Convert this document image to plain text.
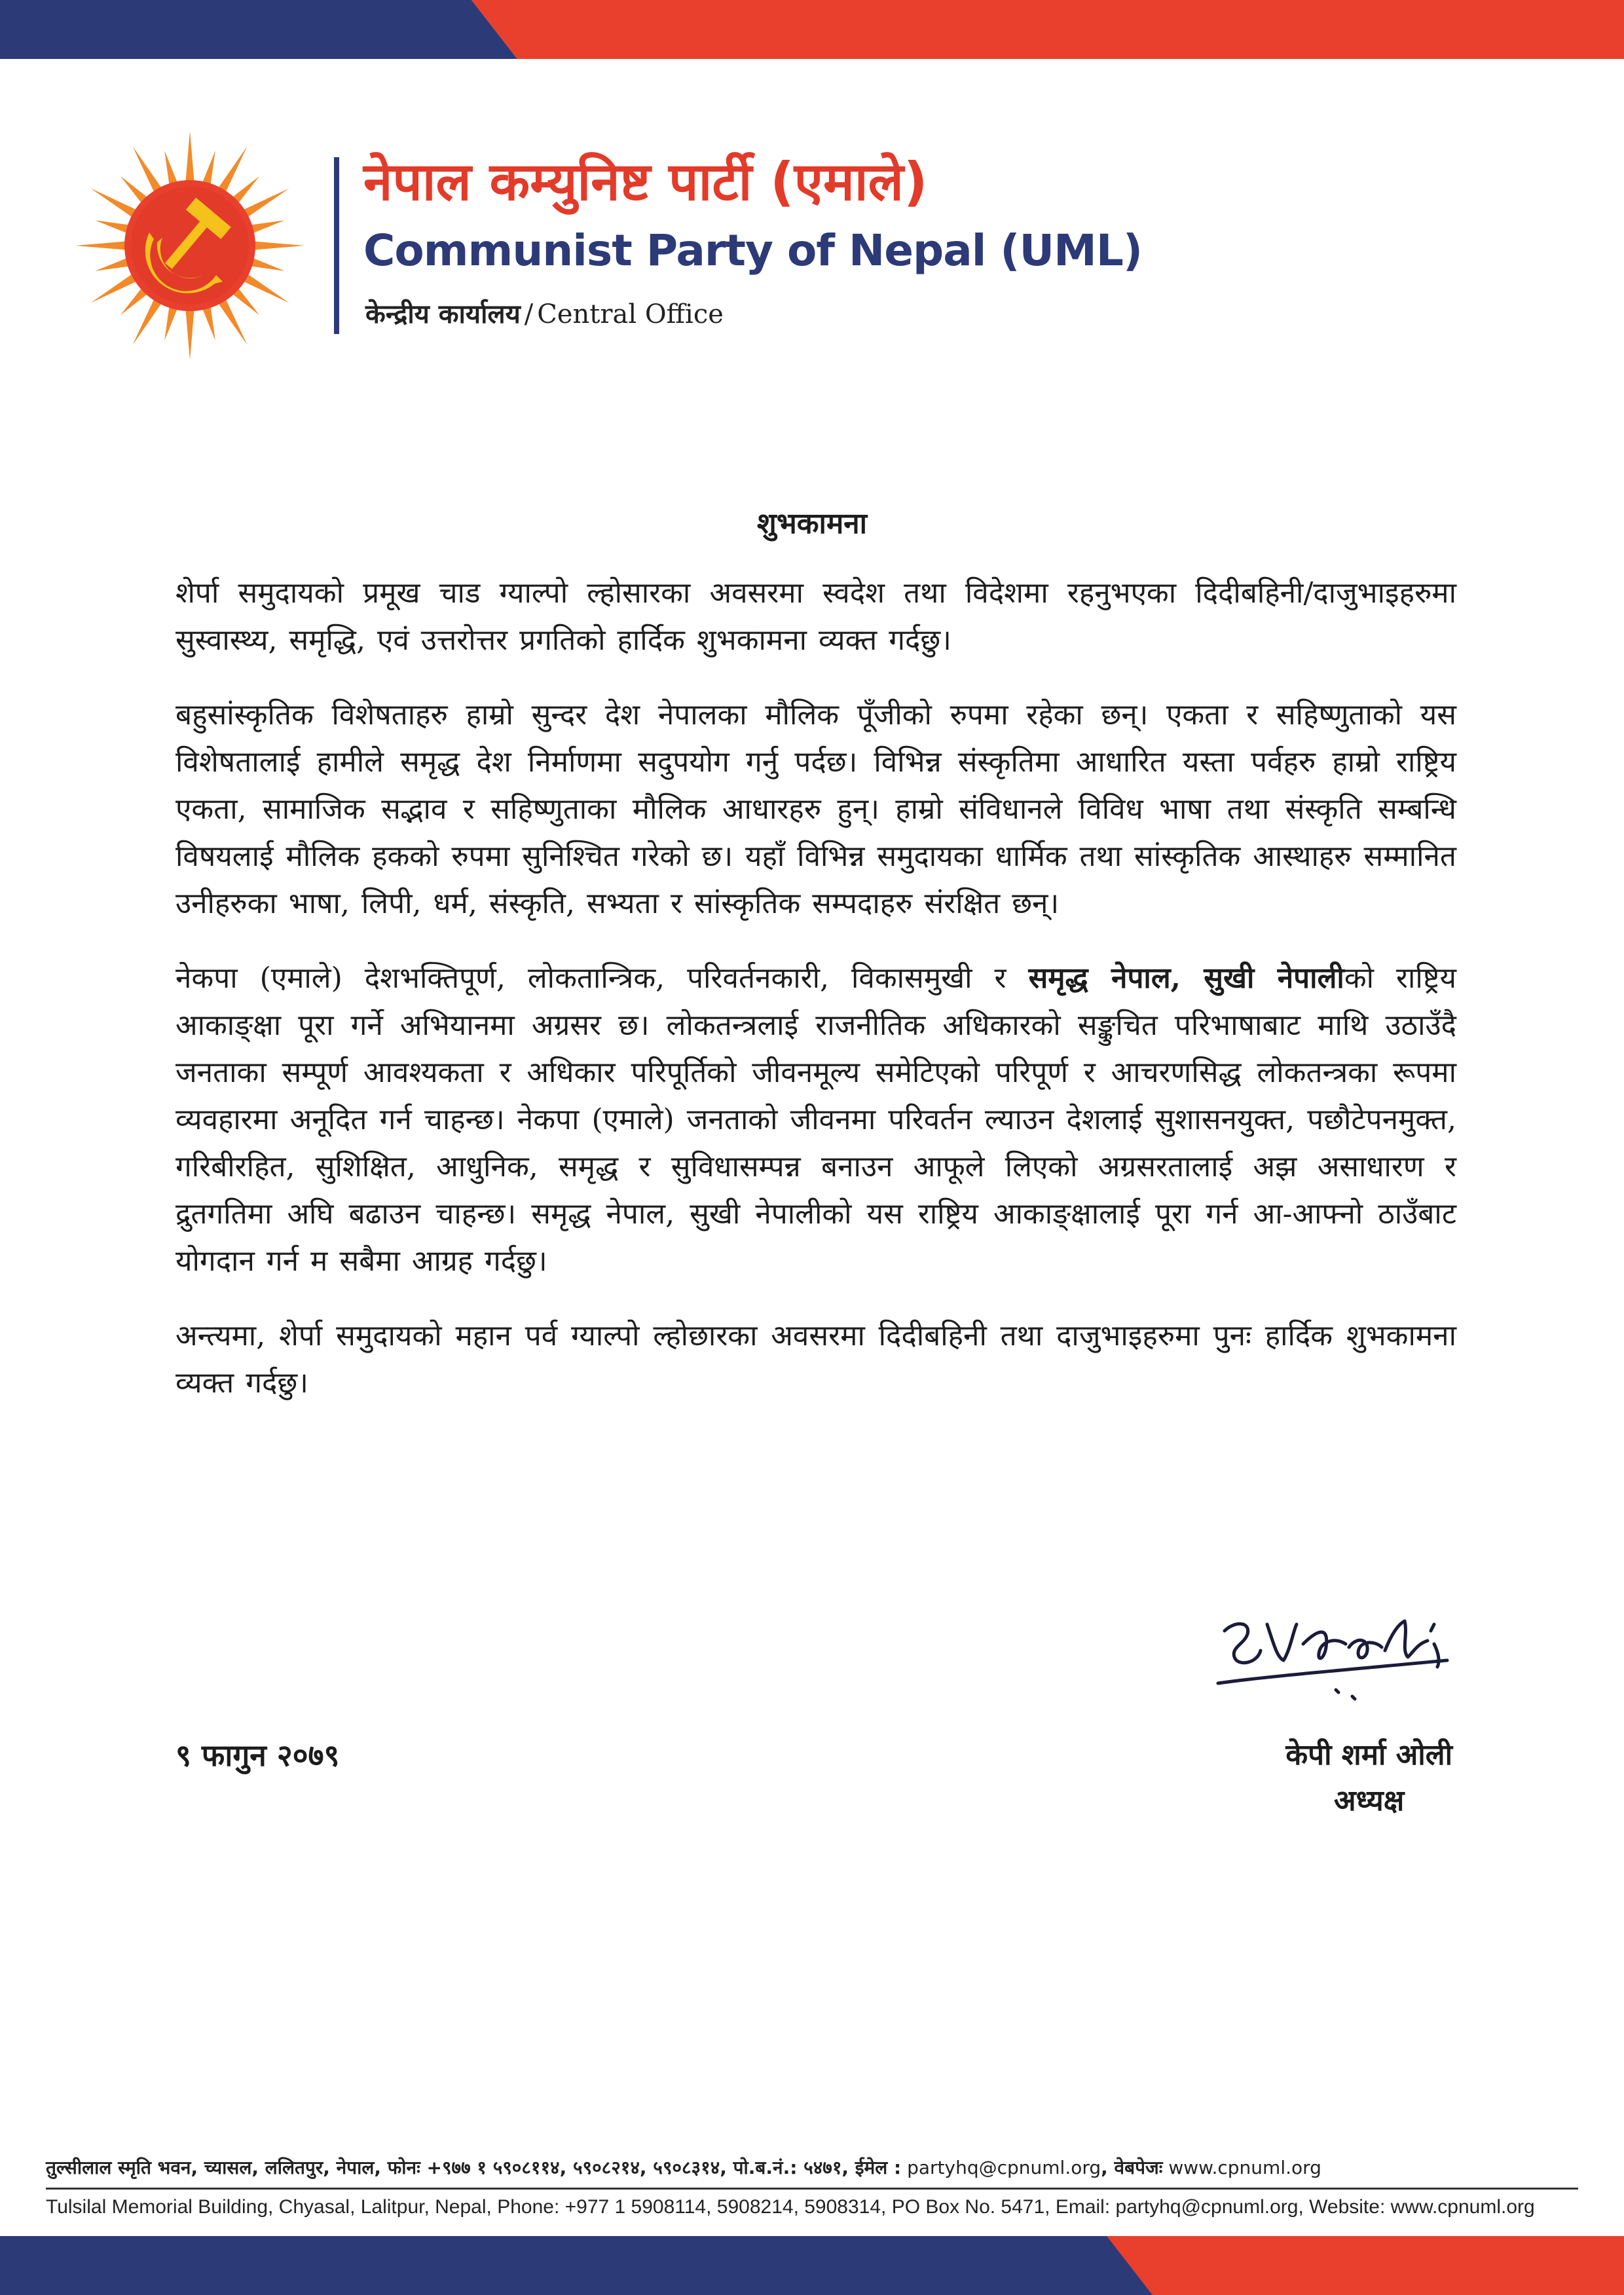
नेपाल कम्युनिष्ट पार्टी (एमाले)
Communist Party of Nepal (UML)
केन्द्रीय कार्यालय / Central Office
शुभकामना

शेर्पा समुदायको प्रमूख चाड ग्याल्पो ल्होसारका अवसरमा स्वदेश तथा विदेशमा रहनुभएका दिदीबहिनी/दाजुभाइहरुमा सुस्वास्थ्य, समृद्धि, एवं उत्तरोत्तर प्रगतिको हार्दिक शुभकामना व्यक्त गर्दछु।

बहुसांस्कृतिक विशेषताहरु हाम्रो सुन्दर देश नेपालका मौलिक पूँजीको रुपमा रहेका छन्। एकता र सहिष्णुताको यस विशेषतालाई हामीले समृद्ध देश निर्माणमा सदुपयोग गर्नु पर्दछ। विभिन्न संस्कृतिमा आधारित यस्ता पर्वहरु हाम्रो राष्ट्रिय एकता, सामाजिक सद्भाव र सहिष्णुताका मौलिक आधारहरु हुन्। हाम्रो संविधानले विविध भाषा तथा संस्कृति सम्बन्धि विषयलाई मौलिक हकको रुपमा सुनिश्चित गरेको छ। यहाँ विभिन्न समुदायका धार्मिक तथा सांस्कृतिक आस्थाहरु सम्मानित उनीहरुका भाषा, लिपी, धर्म, संस्कृति, सभ्यता र सांस्कृतिक सम्पदाहरु संरक्षित छन्।

नेकपा (एमाले) देशभक्तिपूर्ण, लोकतान्त्रिक, परिवर्तनकारी, विकासमुखी र समृद्ध नेपाल, सुखी नेपालीको राष्ट्रिय आकाङ्क्षा पूरा गर्ने अभियानमा अग्रसर छ। लोकतन्त्रलाई राजनीतिक अधिकारको सङ्कुचित परिभाषाबाट माथि उठाउँदै जनताका सम्पूर्ण आवश्यकता र अधिकार परिपूर्तिको जीवनमूल्य समेटिएको परिपूर्ण र आचरणसिद्ध लोकतन्त्रका रूपमा व्यवहारमा अनूदित गर्न चाहन्छ। नेकपा (एमाले) जनताको जीवनमा परिवर्तन ल्याउन देशलाई सुशासनयुक्त, पछौटेपनमुक्त, गरिबीरहित, सुशिक्षित, आधुनिक, समृद्ध र सुविधासम्पन्न बनाउन आफूले लिएको अग्रसरतालाई अझ असाधारण र द्रुतगतिमा अघि बढाउन चाहन्छ। समृद्ध नेपाल, सुखी नेपालीको यस राष्ट्रिय आकाङ्क्षालाई पूरा गर्न आ-आफ्नो ठाउँबाट योगदान गर्न म सबैमा आग्रह गर्दछु।

अन्त्यमा, शेर्पा समुदायको महान पर्व ग्याल्पो ल्होछारका अवसरमा दिदीबहिनी तथा दाजुभाइहरुमा पुनः हार्दिक शुभकामना व्यक्त गर्दछु।

९ फागुन २०७९	केपी शर्मा ओली
अध्यक्ष
तुल्सीलाल स्मृति भवन, च्यासल, ललितपुर, नेपाल, फोनः +९७७ १ ५९०८११४, ५९०८२१४, ५९०८३१४, पो.ब.नं.: ५४७१, ईमेल : partyhq@cpnuml.org, वेबपेजः www.cpnuml.org
Tulsilal Memorial Building, Chyasal, Lalitpur, Nepal, Phone: +977 1 5908114, 5908214, 5908314, PO Box No. 5471, Email: partyhq@cpnuml.org, Website: www.cpnuml.org
